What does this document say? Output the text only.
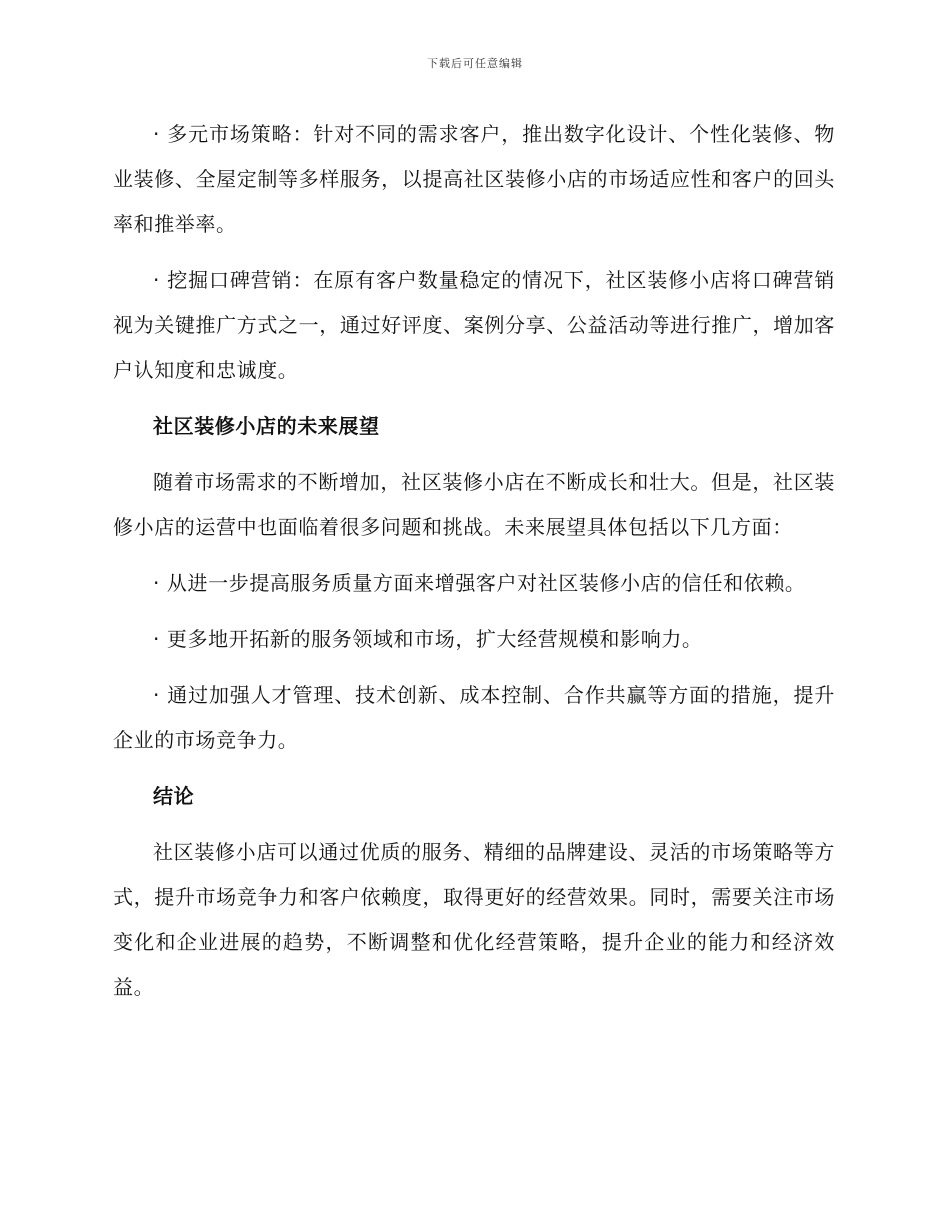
下载后可任意编辑

· 多元市场策略：针对不同的需求客户，推出数字化设计、个性化装修、物业装修、全屋定制等多样服务，以提高社区装修小店的市场适应性和客户的回头率和推举率。

· 挖掘口碑营销：在原有客户数量稳定的情况下，社区装修小店将口碑营销视为关键推广方式之一，通过好评度、案例分享、公益活动等进行推广，增加客户认知度和忠诚度。

社区装修小店的未来展望

随着市场需求的不断增加，社区装修小店在不断成长和壮大。但是，社区装修小店的运营中也面临着很多问题和挑战。未来展望具体包括以下几方面：

· 从进一步提高服务质量方面来增强客户对社区装修小店的信任和依赖。

· 更多地开拓新的服务领域和市场，扩大经营规模和影响力。

· 通过加强人才管理、技术创新、成本控制、合作共赢等方面的措施，提升企业的市场竞争力。

结论

社区装修小店可以通过优质的服务、精细的品牌建设、灵活的市场策略等方式，提升市场竞争力和客户依赖度，取得更好的经营效果。同时，需要关注市场变化和企业进展的趋势，不断调整和优化经营策略，提升企业的能力和经济效益。
